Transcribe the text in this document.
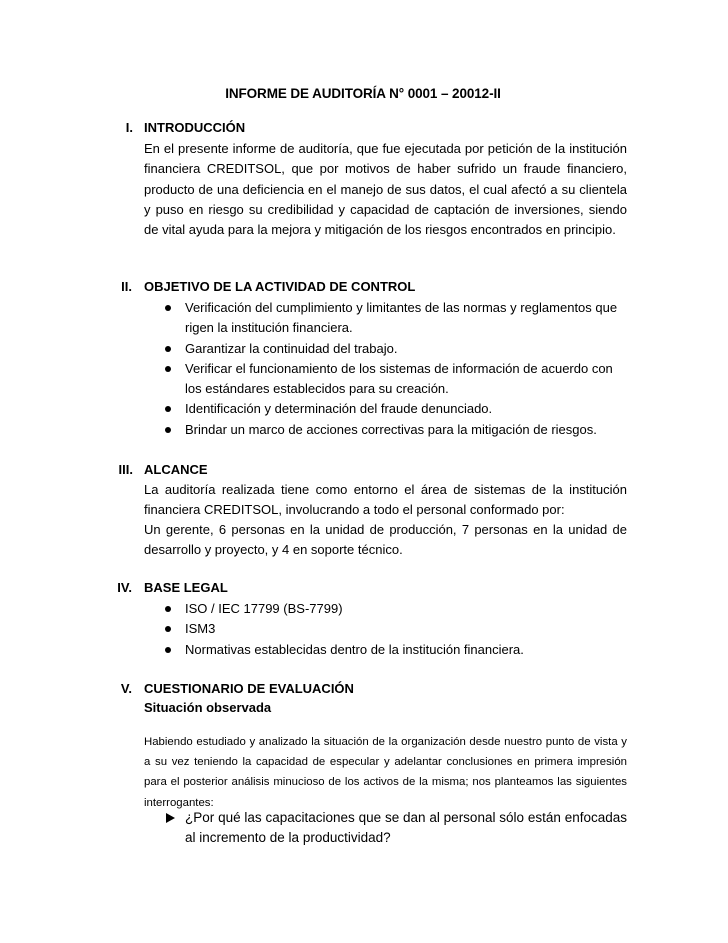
INFORME DE AUDITORÍA N° 0001 – 20012-II
I. INTRODUCCIÓN

En el presente informe de auditoría, que fue ejecutada por petición de la institución financiera CREDITSOL, que por motivos de haber sufrido un fraude financiero, producto de una deficiencia en el manejo de sus datos, el cual afectó a su clientela y puso en riesgo su credibilidad y capacidad de captación de inversiones, siendo de vital ayuda para la mejora y mitigación de los riesgos encontrados en principio.

II. OBJETIVO DE LA ACTIVIDAD DE CONTROL
Verificación del cumplimiento y limitantes de las normas y reglamentos que rigen la institución financiera.
Garantizar la continuidad del trabajo.
Verificar el funcionamiento de los sistemas de información de acuerdo con los estándares establecidos para su creación.
Identificación y determinación del fraude denunciado.
Brindar un marco de acciones correctivas para la mitigación de riesgos.
III. ALCANCE

La auditoría realizada tiene como entorno el área de sistemas de la institución financiera CREDITSOL, involucrando a todo el personal conformado por:

Un gerente, 6 personas en la unidad de producción, 7 personas en la unidad de desarrollo y proyecto, y 4 en soporte técnico.

IV. BASE LEGAL
ISO / IEC 17799 (BS-7799)
ISM3
Normativas establecidas dentro de la institución financiera.
V. CUESTIONARIO DE EVALUACIÓN
Situación observada

Habiendo estudiado y analizado la situación de la organización desde nuestro punto de vista y a su vez teniendo la capacidad de especular y adelantar conclusiones en primera impresión para el posterior análisis minucioso de los activos de la misma; nos planteamos las siguientes interrogantes:

¿Por qué las capacitaciones que se dan al personal sólo están enfocadas al incremento de la productividad?
